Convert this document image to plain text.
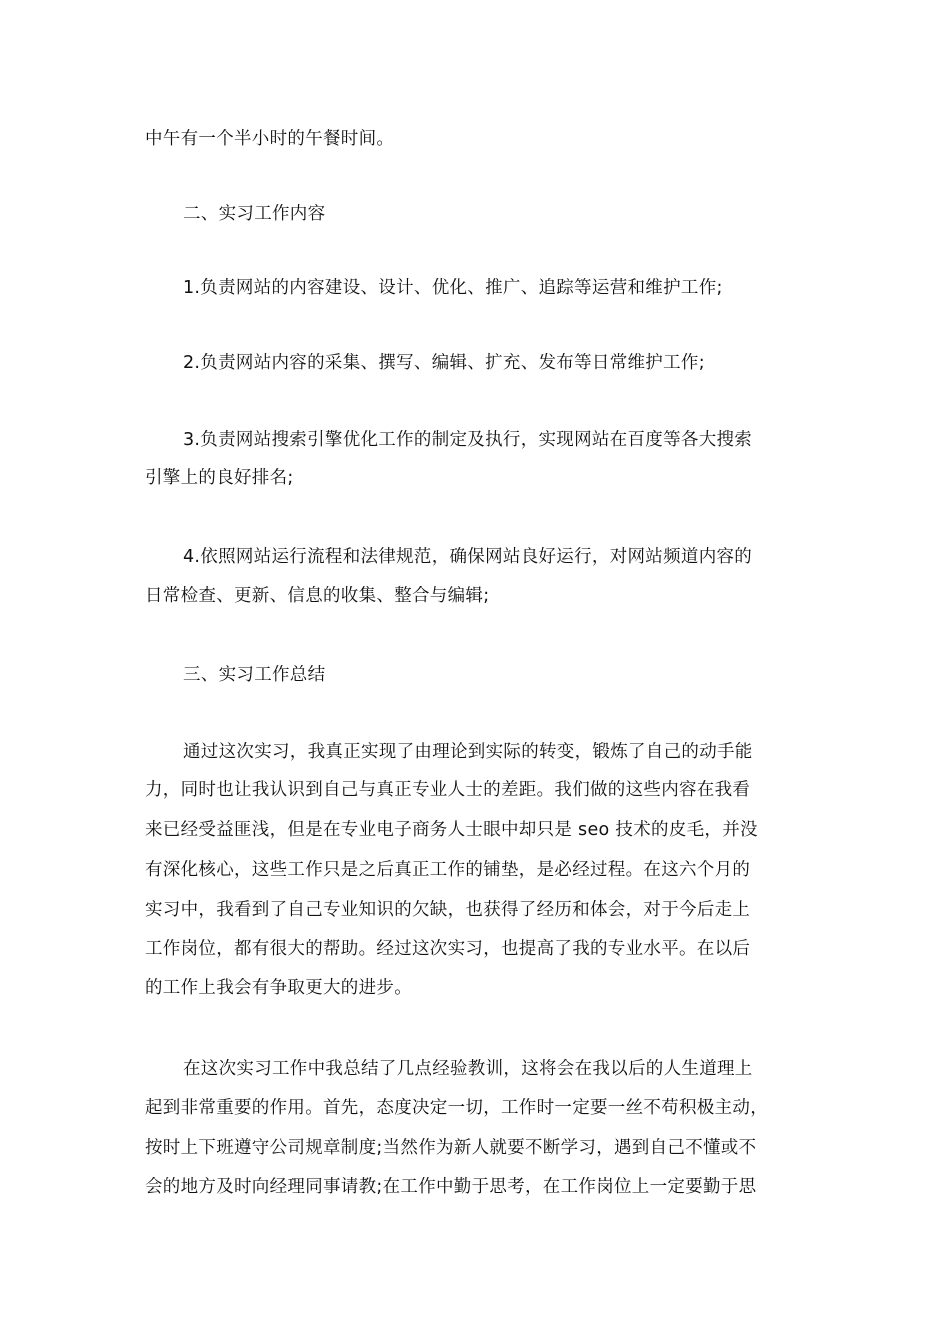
中午有一个半小时的午餐时间。
二、实习工作内容
1.负责网站的内容建设、设计、优化、推广、追踪等运营和维护工作;
2.负责网站内容的采集、撰写、编辑、扩充、发布等日常维护工作;
3.负责网站搜索引擎优化工作的制定及执行，实现网站在百度等各大搜索
引擎上的良好排名;
4.依照网站运行流程和法律规范，确保网站良好运行，对网站频道内容的
日常检查、更新、信息的收集、整合与编辑;
三、实习工作总结
通过这次实习，我真正实现了由理论到实际的转变，锻炼了自己的动手能
力，同时也让我认识到自己与真正专业人士的差距。我们做的这些内容在我看
来已经受益匪浅，但是在专业电子商务人士眼中却只是 seo 技术的皮毛，并没
有深化核心，这些工作只是之后真正工作的铺垫，是必经过程。在这六个月的
实习中，我看到了自己专业知识的欠缺，也获得了经历和体会，对于今后走上
工作岗位，都有很大的帮助。经过这次实习，也提高了我的专业水平。在以后
的工作上我会有争取更大的进步。
在这次实习工作中我总结了几点经验教训，这将会在我以后的人生道理上
起到非常重要的作用。首先，态度决定一切，工作时一定要一丝不苟积极主动，
按时上下班遵守公司规章制度;当然作为新人就要不断学习，遇到自己不懂或不
会的地方及时向经理同事请教;在工作中勤于思考，在工作岗位上一定要勤于思
